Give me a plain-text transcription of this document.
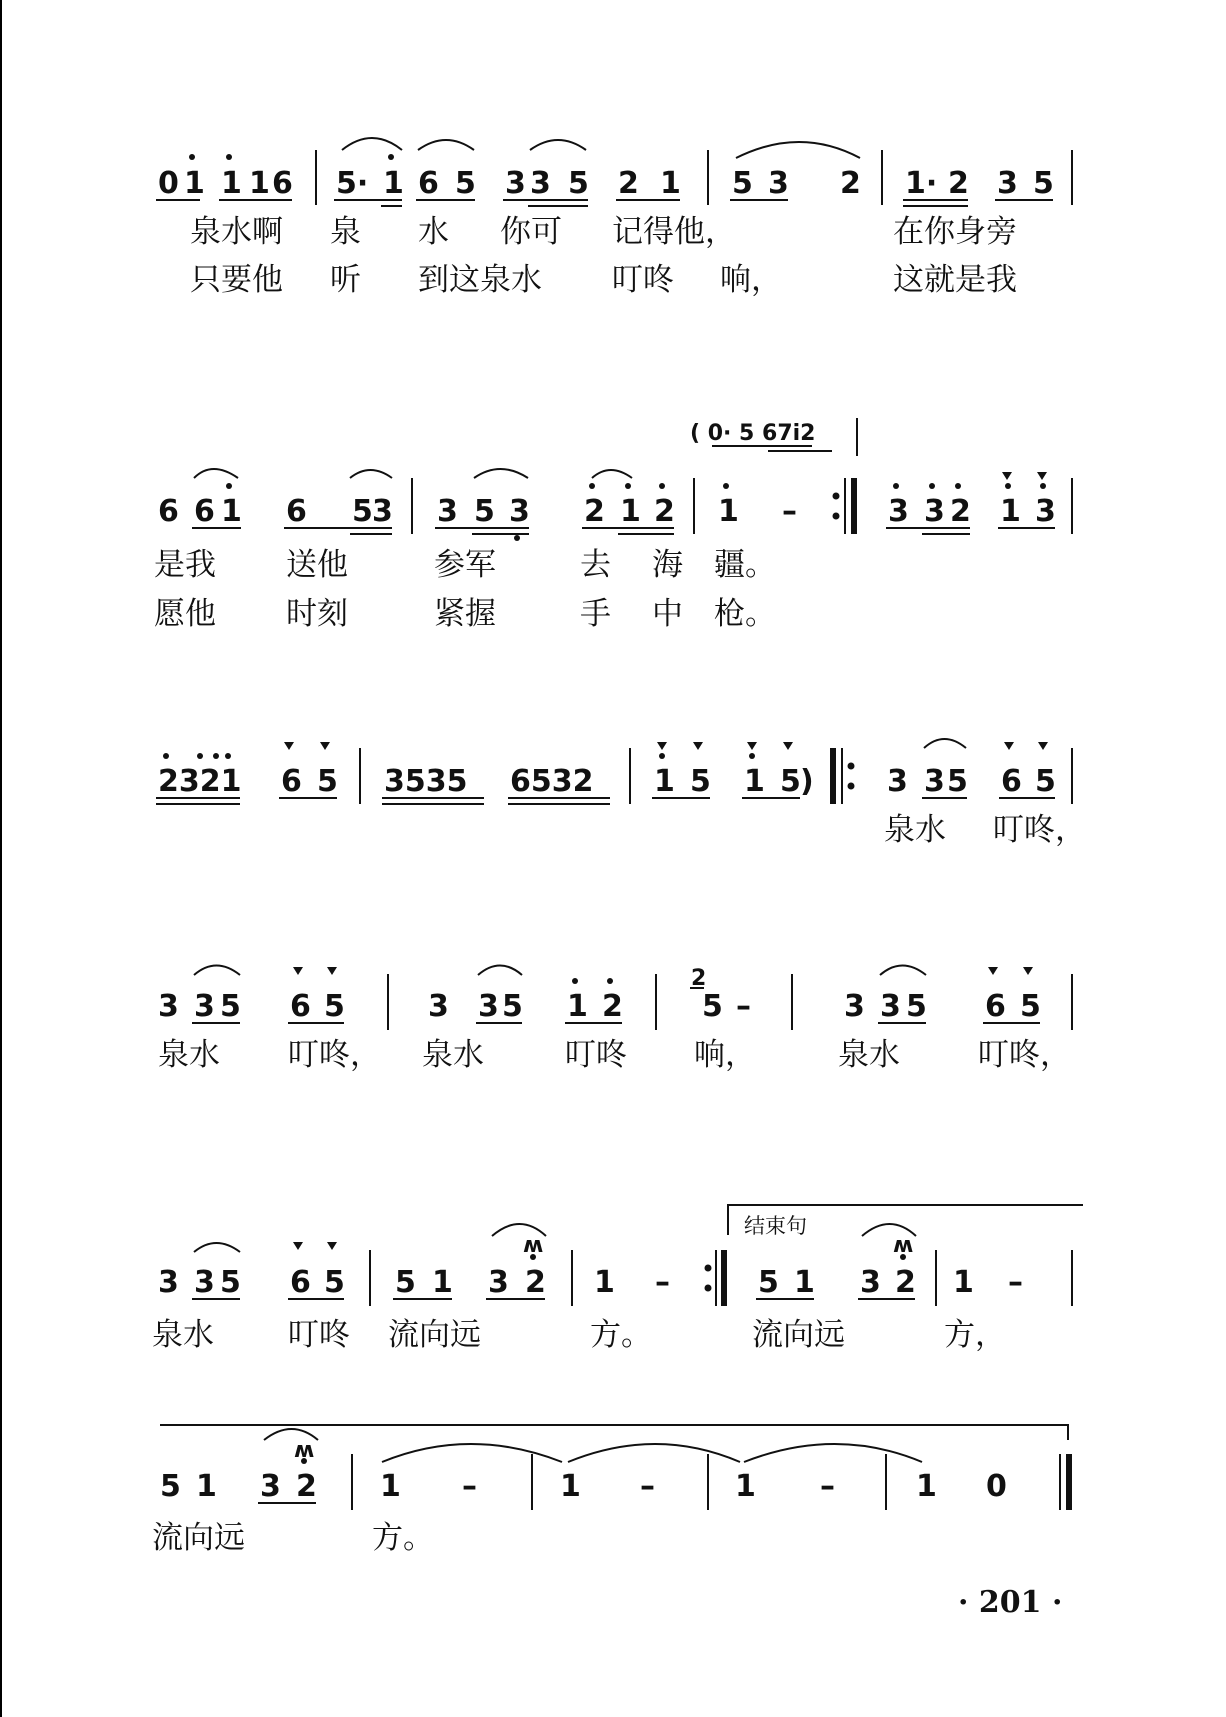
0 1 1 1 6 5· 1 6 5 3 3 5 2 1 5 3 2 1· 2 3 5
泉水啊 泉 水 你可 记得他，	在你身旁
只要他 听 到这泉水 叮咚 响，	这就是我
( 0· 5 67i2
6 6 1 6 5 3 3 5 3 2 1 2 1 –	3 3 2 1 3
是我 送他	参军	去 海 疆。
愿他 时刻	紧握	手 中 枪。
2321 6 5 3535 6532 1 5 1 5 ) 3 3 5 6 5
泉水 叮咚，
3 3 5 6 5	3 3 5 1 2	5 –	3 3 5 6 5
2
泉水 叮咚， 泉水	叮咚 响，	泉水	叮咚，
结束句
3 3 5 6 5 5 1 3 2 1 –	5 1 3 2 1 –
ʍ	ʍ
泉水 叮咚 流向远	方。	流向远	方，
5 1 3 2 1 –	1 –	1 –	1 0
ʍ
流向远	方。
· 201 ·
